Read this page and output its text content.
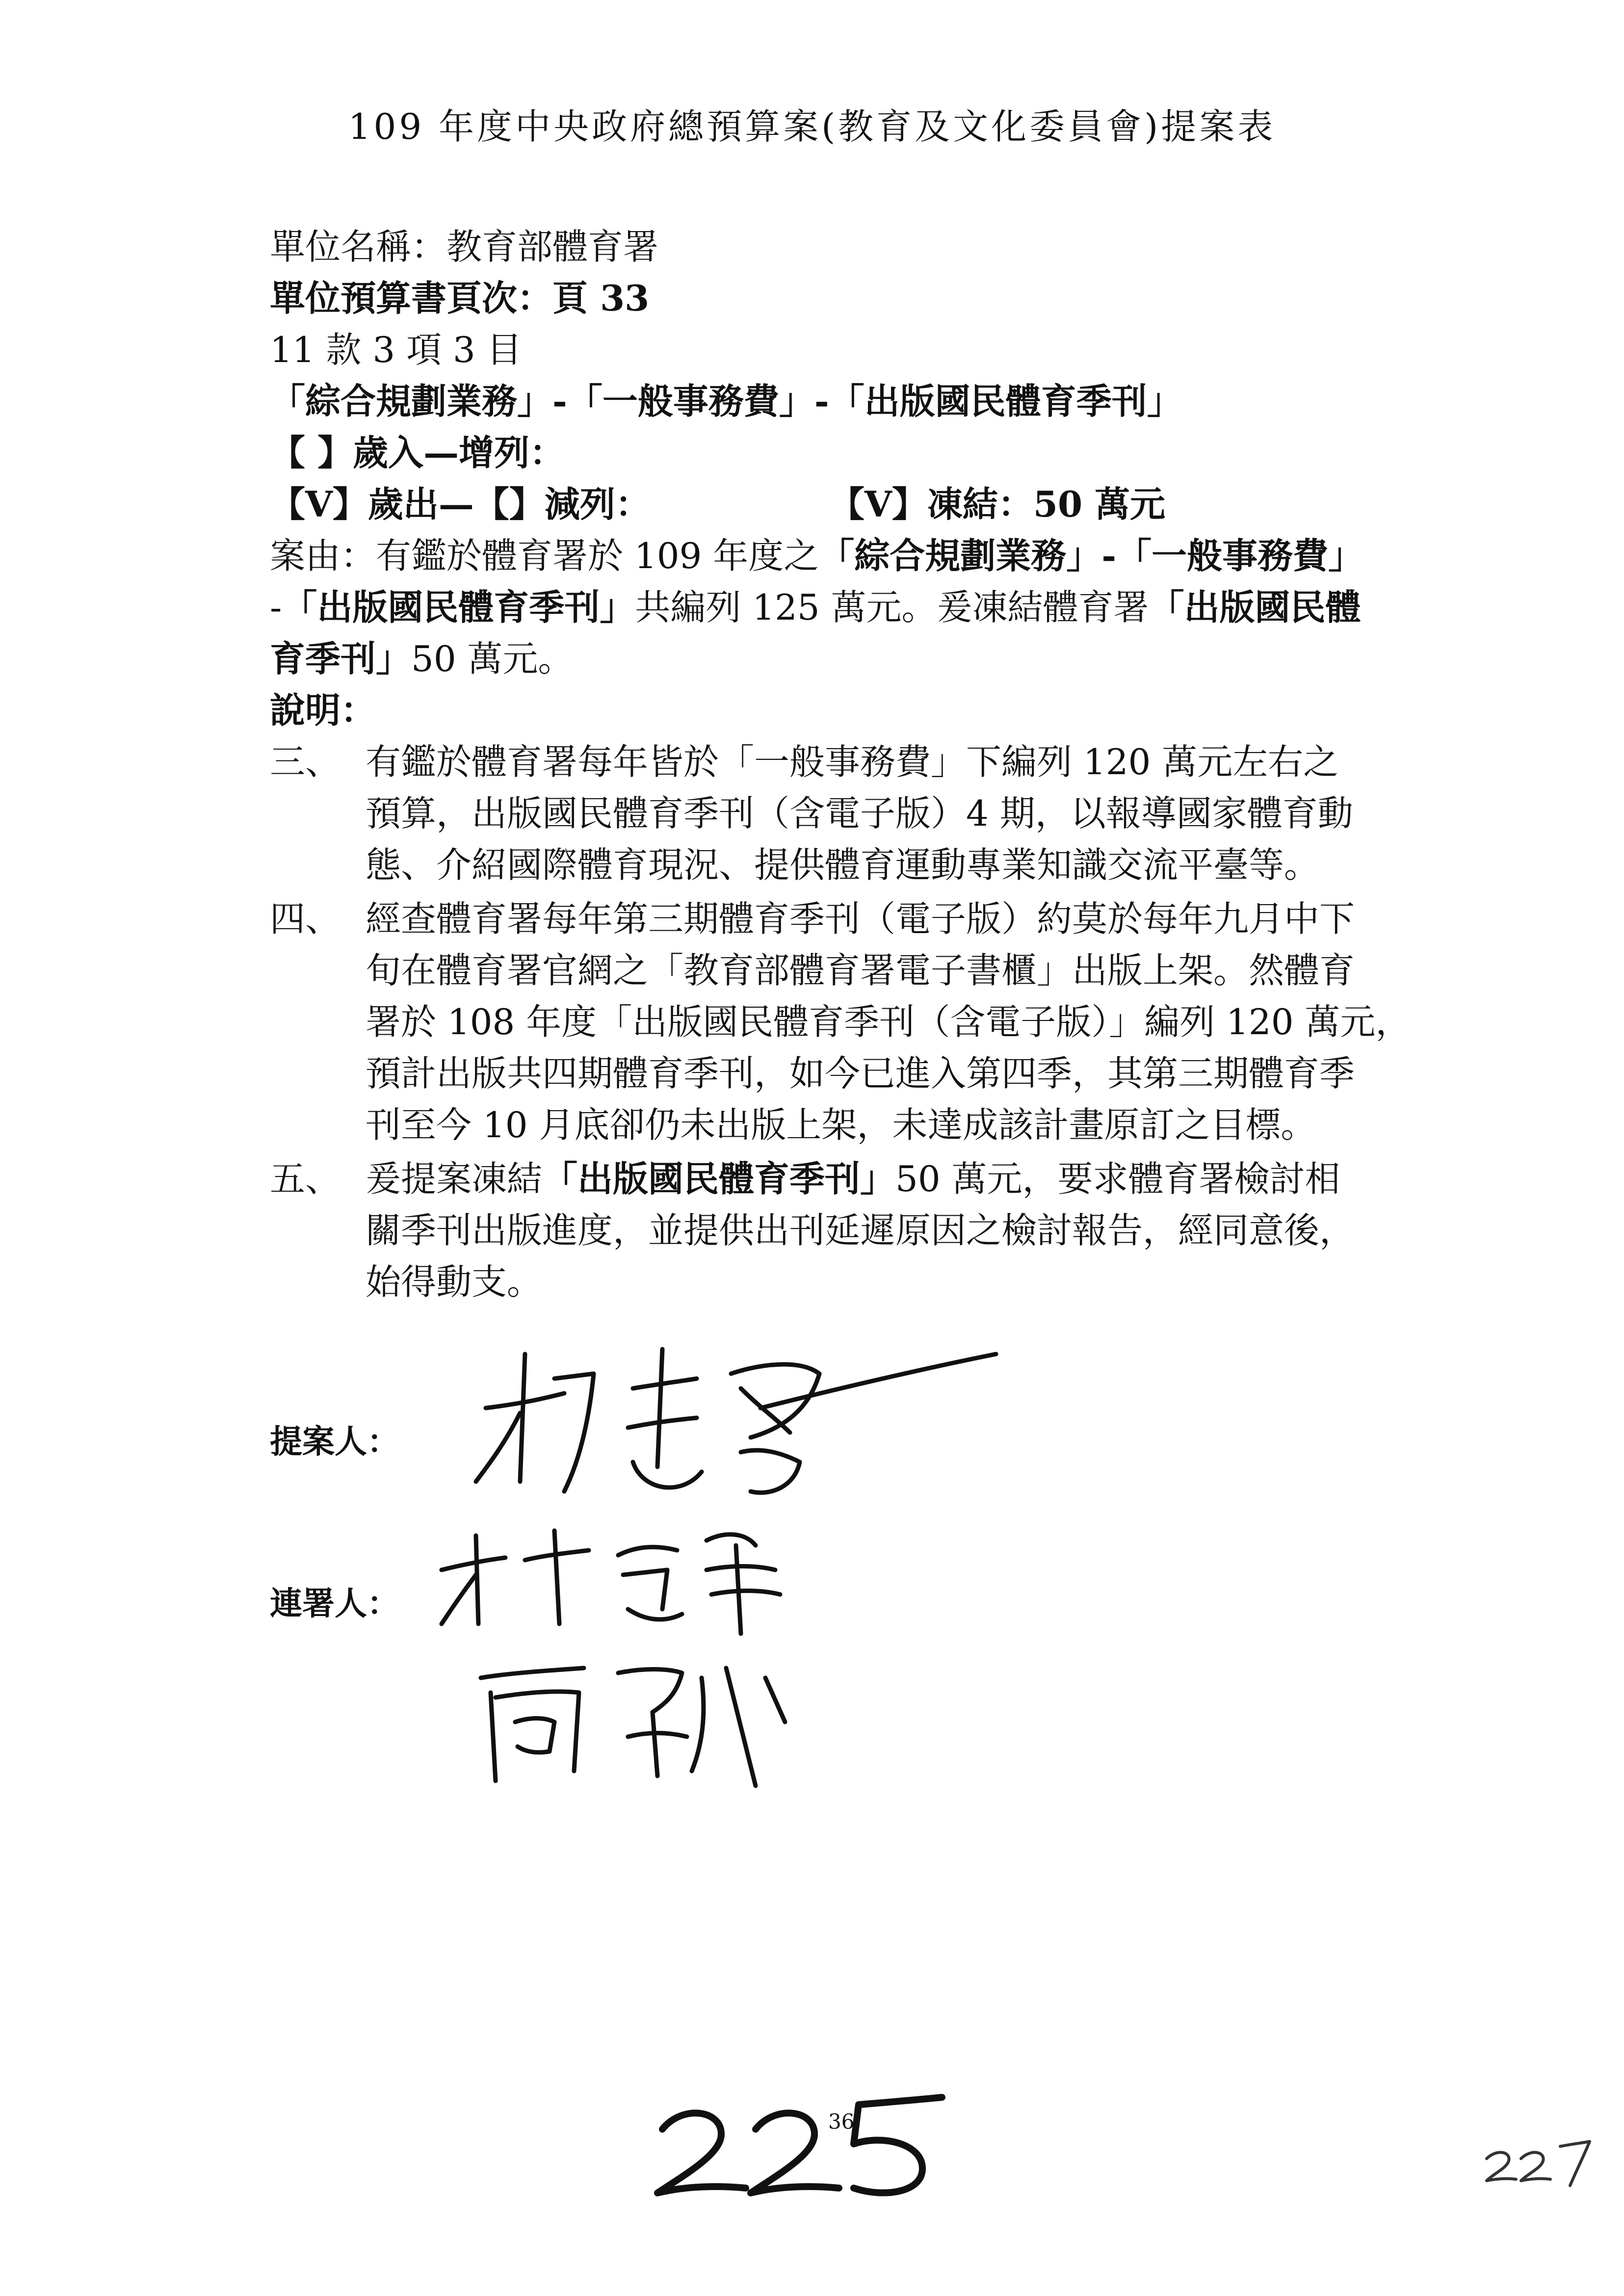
109 年度中央政府總預算案(教育及文化委員會)提案表
單位名稱：教育部體育署
單位預算書頁次：頁 33
11 款 3 項 3 目
「綜合規劃業務」-「一般事務費」-「出版國民體育季刊」
【 】歲入—增列：
【V】歲出—【】減列：	【V】凍結：50 萬元
案由：有鑑於體育署於 109 年度之「綜合規劃業務」-「一般事務費」
-「出版國民體育季刊」共編列 125 萬元。爰凍結體育署「出版國民體
育季刊」50 萬元。
說明：
三、 有鑑於體育署每年皆於「一般事務費」下編列 120 萬元左右之
預算，出版國民體育季刊（含電子版）4 期，以報導國家體育動
態、介紹國際體育現況、提供體育運動專業知識交流平臺等。
四、 經查體育署每年第三期體育季刊（電子版）約莫於每年九月中下
旬在體育署官網之「教育部體育署電子書櫃」出版上架。然體育
署於 108 年度「出版國民體育季刊（含電子版）」編列 120 萬元，
預計出版共四期體育季刊，如今已進入第四季，其第三期體育季
刊至今 10 月底卻仍未出版上架，未達成該計畫原訂之目標。
五、 爰提案凍結「出版國民體育季刊」50 萬元，要求體育署檢討相
關季刊出版進度，並提供出刊延遲原因之檢討報告，經同意後，
始得動支。
提案人：
連署人：
36
